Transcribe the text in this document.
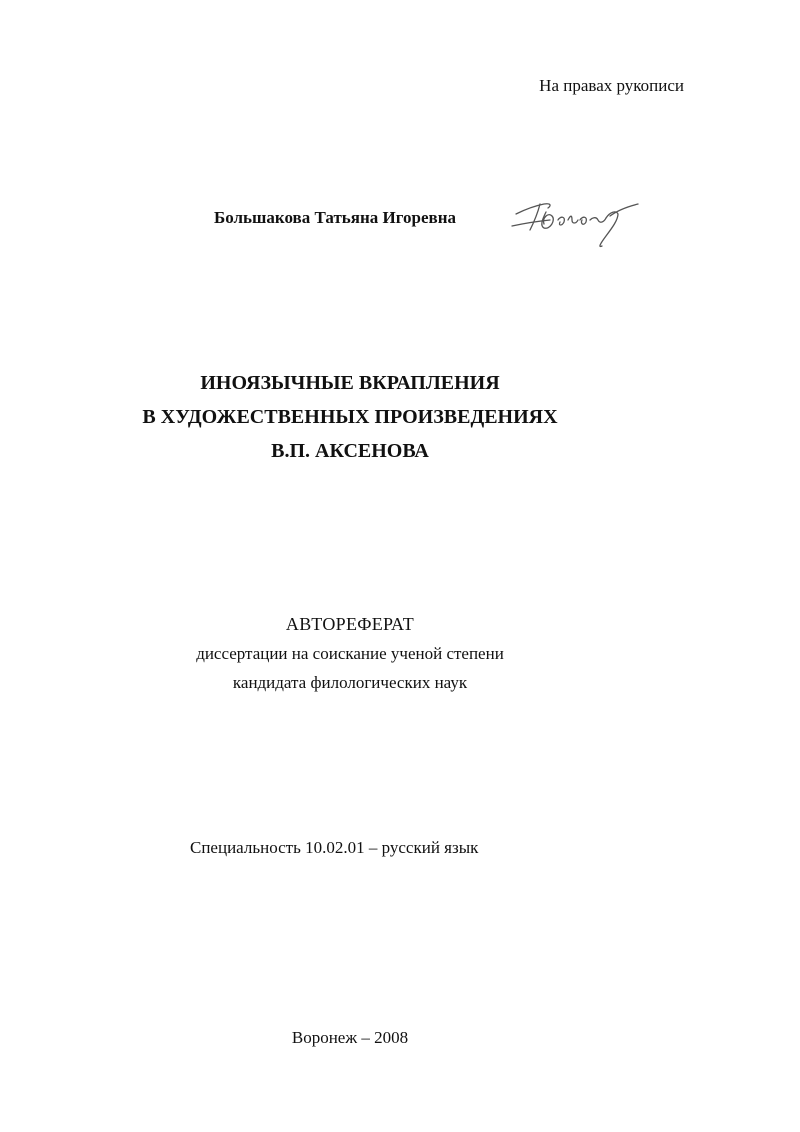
На правах рукописи
Большакова Татьяна Игоревна
ИНОЯЗЫЧНЫЕ ВКРАПЛЕНИЯ
В ХУДОЖЕСТВЕННЫХ ПРОИЗВЕДЕНИЯХ
В.П. АКСЕНОВА
АВТОРЕФЕРАТ
диссертации на соискание ученой степени
кандидата филологических наук
Специальность 10.02.01 – русский язык
Воронеж – 2008
